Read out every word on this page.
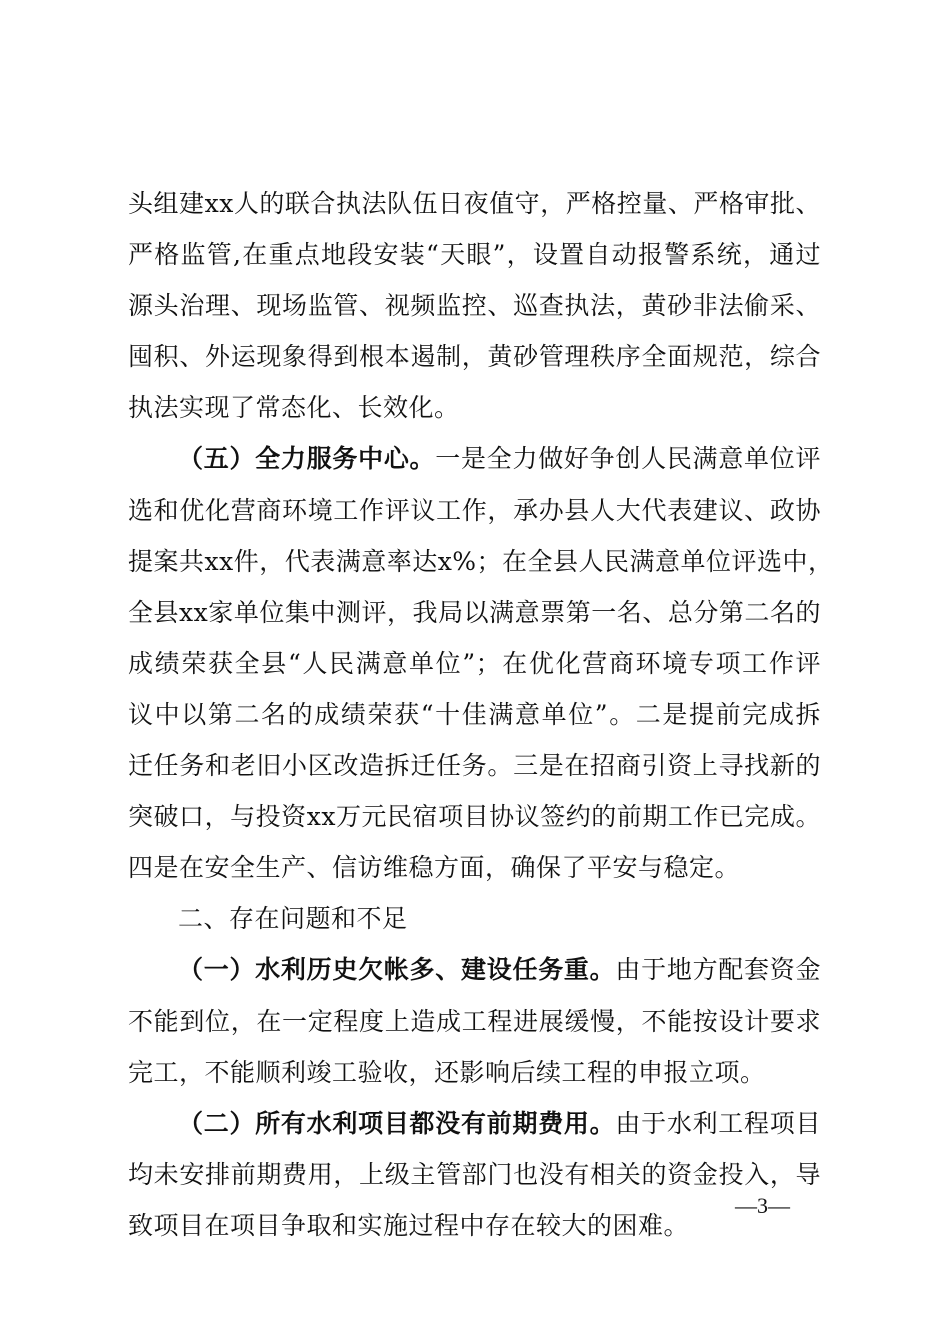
头组建xx人的联合执法队伍日夜值守，严格控量、严格审批、
严格监管,在重点地段安装“天眼”，设置自动报警系统，通过
源头治理、现场监管、视频监控、巡查执法，黄砂非法偷采、
囤积、外运现象得到根本遏制，黄砂管理秩序全面规范，综合
执法实现了常态化、长效化。
（五）全力服务中心。一是全力做好争创人民满意单位评
选和优化营商环境工作评议工作，承办县人大代表建议、政协
提案共xx件，代表满意率达x%；在全县人民满意单位评选中，
全县xx家单位集中测评，我局以满意票第一名、总分第二名的
成绩荣获全县“人民满意单位”；在优化营商环境专项工作评
议中以第二名的成绩荣获“十佳满意单位”。二是提前完成拆
迁任务和老旧小区改造拆迁任务。三是在招商引资上寻找新的
突破口，与投资xx万元民宿项目协议签约的前期工作已完成。
四是在安全生产、信访维稳方面，确保了平安与稳定。
二、存在问题和不足
（一）水利历史欠帐多、建设任务重。由于地方配套资金
不能到位，在一定程度上造成工程进展缓慢，不能按设计要求
完工，不能顺利竣工验收，还影响后续工程的申报立项。
（二）所有水利项目都没有前期费用。由于水利工程项目
均未安排前期费用，上级主管部门也没有相关的资金投入，导
致项目在项目争取和实施过程中存在较大的困难。
—3—
